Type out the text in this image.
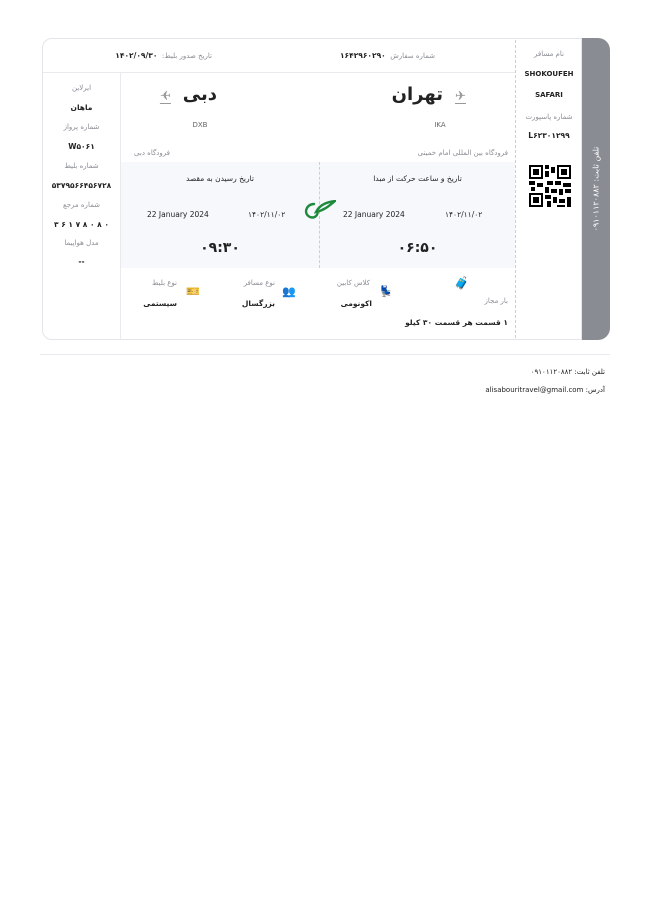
تلفن ثابت: ۰۹۱۰۱۱۲۰۸۸۲
تاریخ صدور بلیط:  ۱۴۰۲/۰۹/۳۰	شماره سفارش  ۱۶۴۲۹۶۰۲۹۰	نام مسافر
SHOKOUFEH
SAFARI
شماره پاسپورت
L۶۲۳۰۱۲۹۹
ایرلاین
ماهان
شماره پرواز
W۵۰۶۱
شماره بلیط
۵۳۷۹۵۶۶۴۵۶۷۲۸
شماره مرجع
۳ ۶ ۱ ۷ ۸ ۰ ۸ ۰
مدل هواپیما
--
تهران ✈
IKA
فرودگاه بین المللی امام خمینی
دبی
✈
DXB
فرودگاه دبی
تاریخ و ساعت حرکت از مبدا
22 January 2024	۱۴۰۲/۱۱/۰۲
۰۶:۵۰
تاریخ رسیدن به مقصد
22 January 2024	۱۴۰۲/۱۱/۰۲
۰۹:۳۰
🧳
بار مجاز
۱ قسمت هر قسمت ۳۰ کیلو
💺
کلاس کابین
اکونومی
👥
نوع مسافر
بزرگسال
🎫
نوع بلیط
سیستمی
تلفن ثابت: ۰۹۱۰۱۱۲۰۸۸۲
آدرس: alisabouritravel@gmail.com
